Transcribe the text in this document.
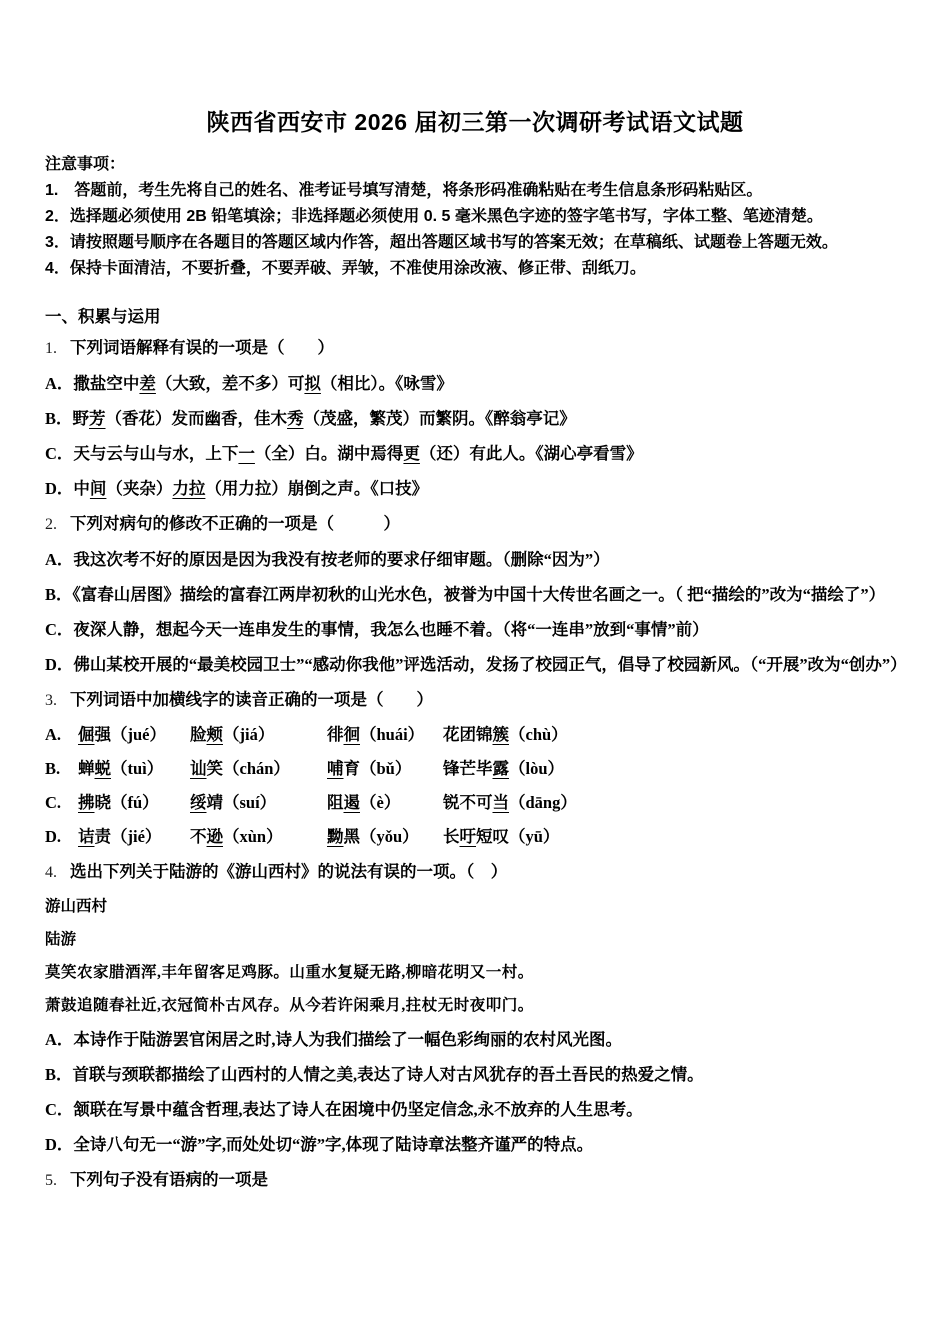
陕西省西安市 2026 届初三第一次调研考试语文试题
注意事项：
1.　答题前，考生先将自己的姓名、准考证号填写清楚，将条形码准确粘贴在考生信息条形码粘贴区。
2．选择题必须使用 2B 铅笔填涂；非选择题必须使用 0. 5 毫米黑色字迹的签字笔书写，字体工整、笔迹清楚。
3．请按照题号顺序在各题目的答题区域内作答，超出答题区域书写的答案无效；在草稿纸、试题卷上答题无效。
4．保持卡面清洁，不要折叠，不要弄破、弄皱，不准使用涂改液、修正带、刮纸刀。
一、积累与运用
1. 下列词语解释有误的一项是（　　）
A．撒盐空中差（大致，差不多）可拟（相比）。《咏雪》
B．野芳（香花）发而幽香，佳木秀（茂盛，繁茂）而繁阴。《醉翁亭记》
C．天与云与山与水，上下一（全）白。湖中焉得更（还）有此人。《湖心亭看雪》
D．中间（夹杂）力拉（用力拉）崩倒之声。《口技》
2. 下列对病句的修改不正确的一项是（　　　）
A．我这次考不好的原因是因为我没有按老师的要求仔细审题。（删除“因为”）
B．《富春山居图》描绘的富春江两岸初秋的山光水色，被誉为中国十大传世名画之一。（ 把“描绘的”改为“描绘了”）
C．夜深人静，想起今天一连串发生的事情，我怎么也睡不着。（将“一连串”放到“事情”前）
D．佛山某校开展的“最美校园卫士”“感动你我他”评选活动，发扬了校园正气，倡导了校园新风。（“开展”改为“创办”）
3. 下列词语中加横线字的读音正确的一项是（　　）
A.	倔强（jué）	脸颊（jiá）	徘徊（huái）	花团锦簇（chù）
B.	蝉蜕（tuì）	讪笑（chán）	哺育（bǔ）	锋芒毕露（lòu）
C.	拂晓（fú）	绥靖（suí）	阻遏（è）	锐不可当（dāng）
D.	诘责（jié）	不逊（xùn）	黝黑（yǒu）	长吁短叹（yū）
4. 选出下列关于陆游的《游山西村》的说法有误的一项。（　）
游山西村
陆游
莫笑农家腊酒浑,丰年留客足鸡豚。山重水复疑无路,柳暗花明又一村。
萧鼓追随春社近,衣冠简朴古风存。从今若许闲乘月,拄杖无时夜叩门。
A．本诗作于陆游罢官闲居之时,诗人为我们描绘了一幅色彩绚丽的农村风光图。
B．首联与颈联都描绘了山西村的人情之美,表达了诗人对古风犹存的吾土吾民的热爱之情。
C．颔联在写景中蕴含哲理,表达了诗人在困境中仍坚定信念,永不放弃的人生思考。
D．全诗八句无一“游”字,而处处切“游”字,体现了陆诗章法整齐谨严的特点。
5. 下列句子没有语病的一项是
